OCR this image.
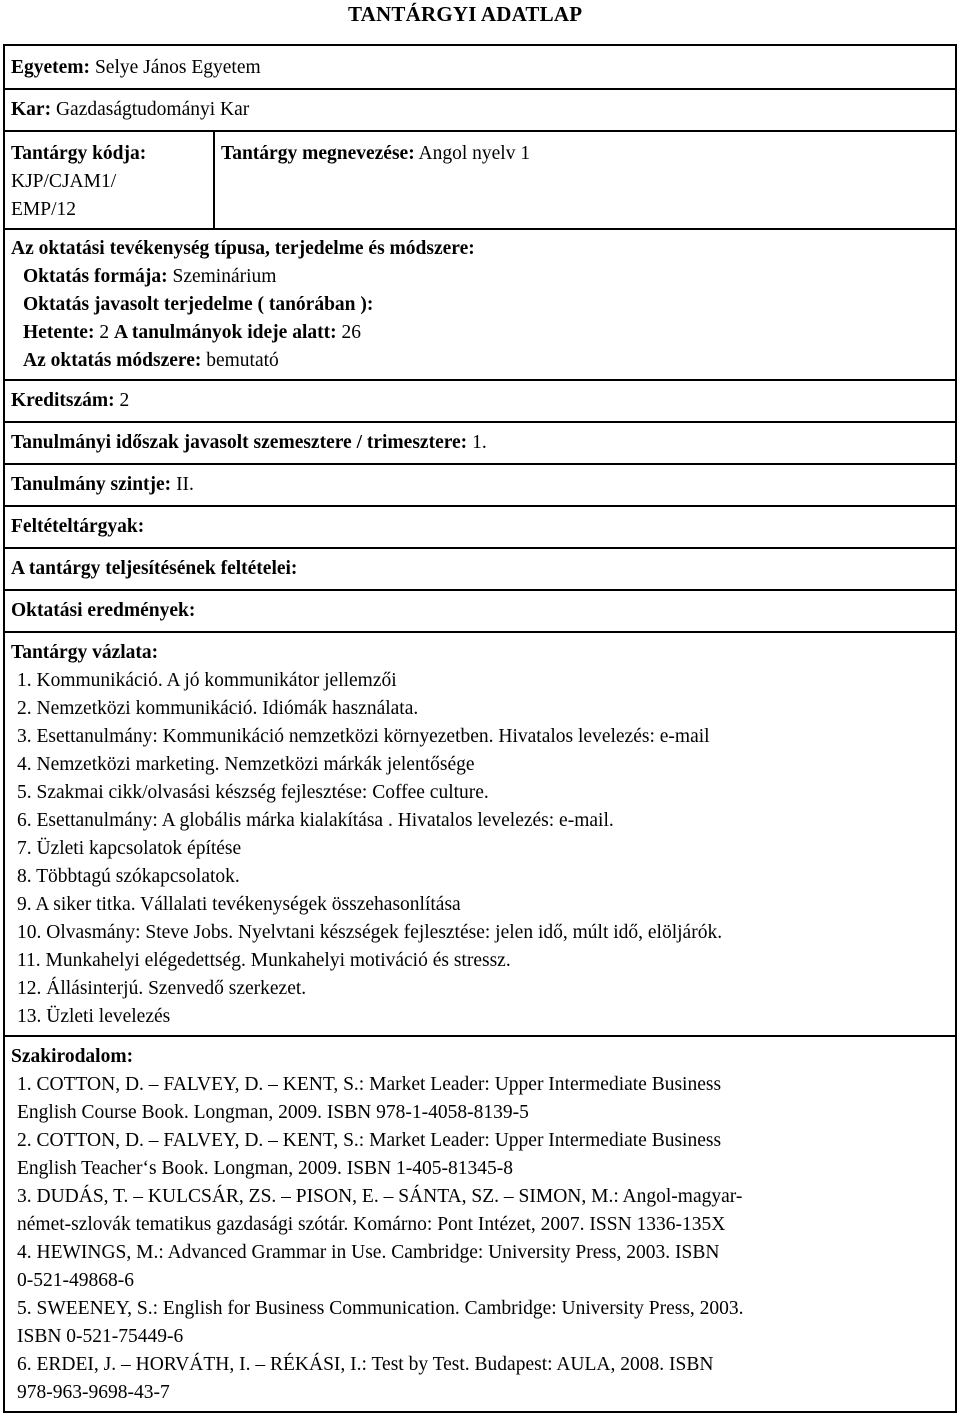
TANTÁRGYI ADATLAP
Egyetem: Selye János Egyetem
Kar: Gazdaságtudományi Kar

Tantárgy kódja:
KJP/CJAM1/
EMP/12
	Tantárgy megnevezése: Angol nyelv 1

Az oktatási tevékenység típusa, terjedelme és módszere:
Oktatás formája: Szeminárium
Oktatás javasolt terjedelme ( tanórában ):
Hetente: 2 A tanulmányok ideje alatt: 26
Az oktatás módszere: bemutató

Kreditszám: 2
Tanulmányi időszak javasolt szemesztere / trimesztere: 1.
Tanulmány szintje: II.
Feltételtárgyak:
A tantárgy teljesítésének feltételei:
Oktatási eredmények:

Tantárgy vázlata:
1. Kommunikáció. A jó kommunikátor jellemzői
2. Nemzetközi kommunikáció. Idiómák használata.
3. Esettanulmány: Kommunikáció nemzetközi környezetben. Hivatalos levelezés: e-mail
4. Nemzetközi marketing. Nemzetközi márkák jelentősége
5. Szakmai cikk/olvasási készség fejlesztése: Coffee culture.
6. Esettanulmány: A globális márka kialakítása . Hivatalos levelezés: e-mail.
7. Üzleti kapcsolatok építése
8. Többtagú szókapcsolatok.
9. A siker titka. Vállalati tevékenységek összehasonlítása
10. Olvasmány: Steve Jobs. Nyelvtani készségek fejlesztése: jelen idő, múlt idő, elöljárók.
11. Munkahelyi elégedettség. Munkahelyi motiváció és stressz.
12. Állásinterjú. Szenvedő szerkezet.
13. Üzleti levelezés

Szakirodalom:
1. COTTON, D. – FALVEY, D. – KENT, S.: Market Leader: Upper Intermediate Business
English Course Book. Longman, 2009. ISBN 978-1-4058-8139-5
2. COTTON, D. – FALVEY, D. – KENT, S.: Market Leader: Upper Intermediate Business
English Teacher‘s Book. Longman, 2009. ISBN 1-405-81345-8
3. DUDÁS, T. – KULCSÁR, ZS. – PISON, E. – SÁNTA, SZ. – SIMON, M.: Angol-magyar-
német-szlovák tematikus gazdasági szótár. Komárno: Pont Intézet, 2007. ISSN 1336-135X
4. HEWINGS, M.: Advanced Grammar in Use. Cambridge: University Press, 2003. ISBN
0-521-49868-6
5. SWEENEY, S.: English for Business Communication. Cambridge: University Press, 2003.
ISBN 0-521-75449-6
6. ERDEI, J. – HORVÁTH, I. – RÉKÁSI, I.: Test by Test. Budapest: AULA, 2008. ISBN
978-963-9698-43-7
